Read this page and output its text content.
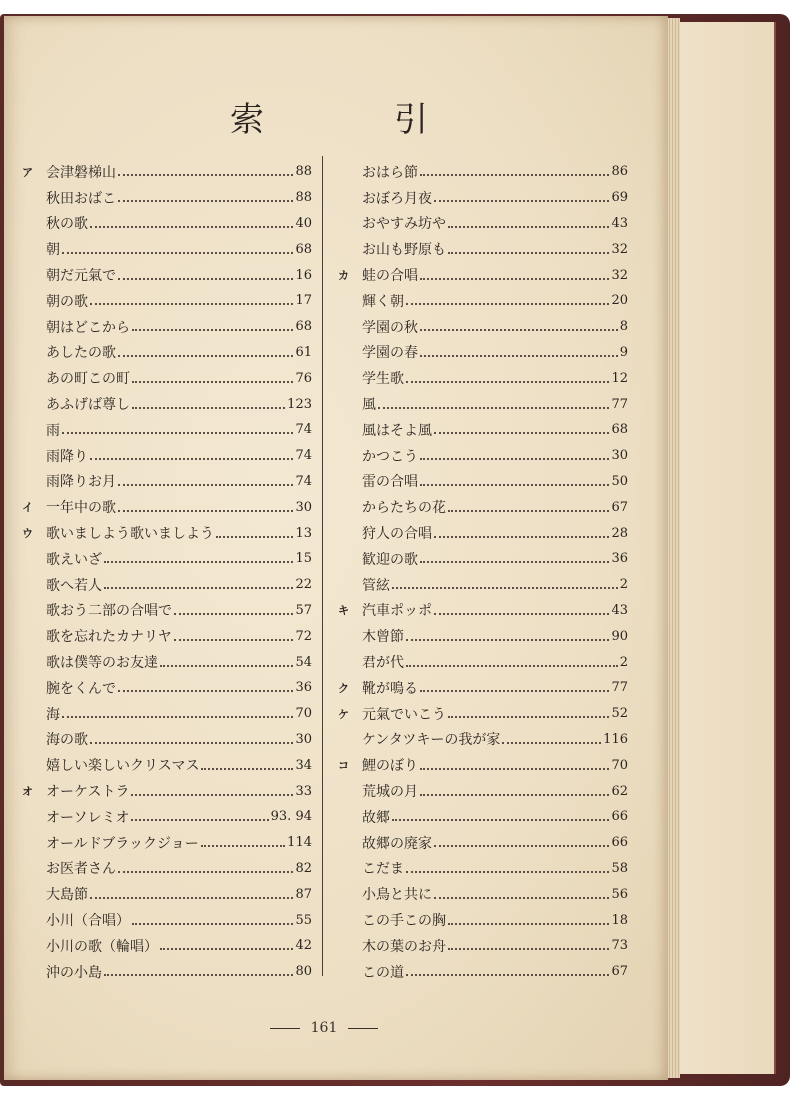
索	引
ア 会津磐梯山	88
秋田おばこ	88
秋の歌	40
朝	68
朝だ元氣で	16
朝の歌	17
朝はどこから	68
あしたの歌	61
あの町この町	76
あふげば尊し	123
雨	74
雨降り	74
雨降りお月	74
イ 一年中の歌	30
ウ 歌いましよう歌いましよう	13
歌えいざ	15
歌へ若人	22
歌おう二部の合唱で	57
歌を忘れたカナリヤ	72
歌は僕等のお友達	54
腕をくんで	36
海	70
海の歌	30
嬉しい楽しいクリスマス	34
オ オーケストラ	33
オーソレミオ	93. 94
オールドブラックジョー	114
お医者さん	82
大島節	87
小川（合唱）	55
小川の歌（輪唱）	42
沖の小島	80
おはら節	86
おぼろ月夜	69
おやすみ坊や	43
お山も野原も	32
カ 蛙の合唱	32
輝く朝	20
学園の秋	8
学園の春	9
学生歌	12
風	77
風はそよ風	68
かつこう	30
雷の合唱	50
からたちの花	67
狩人の合唱	28
歓迎の歌	36
管絃	2
キ 汽車ポッポ	43
木曾節	90
君が代	2
ク 靴が鳴る	77
ケ 元氣でいこう	52
ケンタツキーの我が家	116
コ 鯉のぼり	70
荒城の月	62
故郷	66
故郷の廃家	66
こだま	58
小鳥と共に	56
この手この胸	18
木の葉のお舟	73
この道	67
161
